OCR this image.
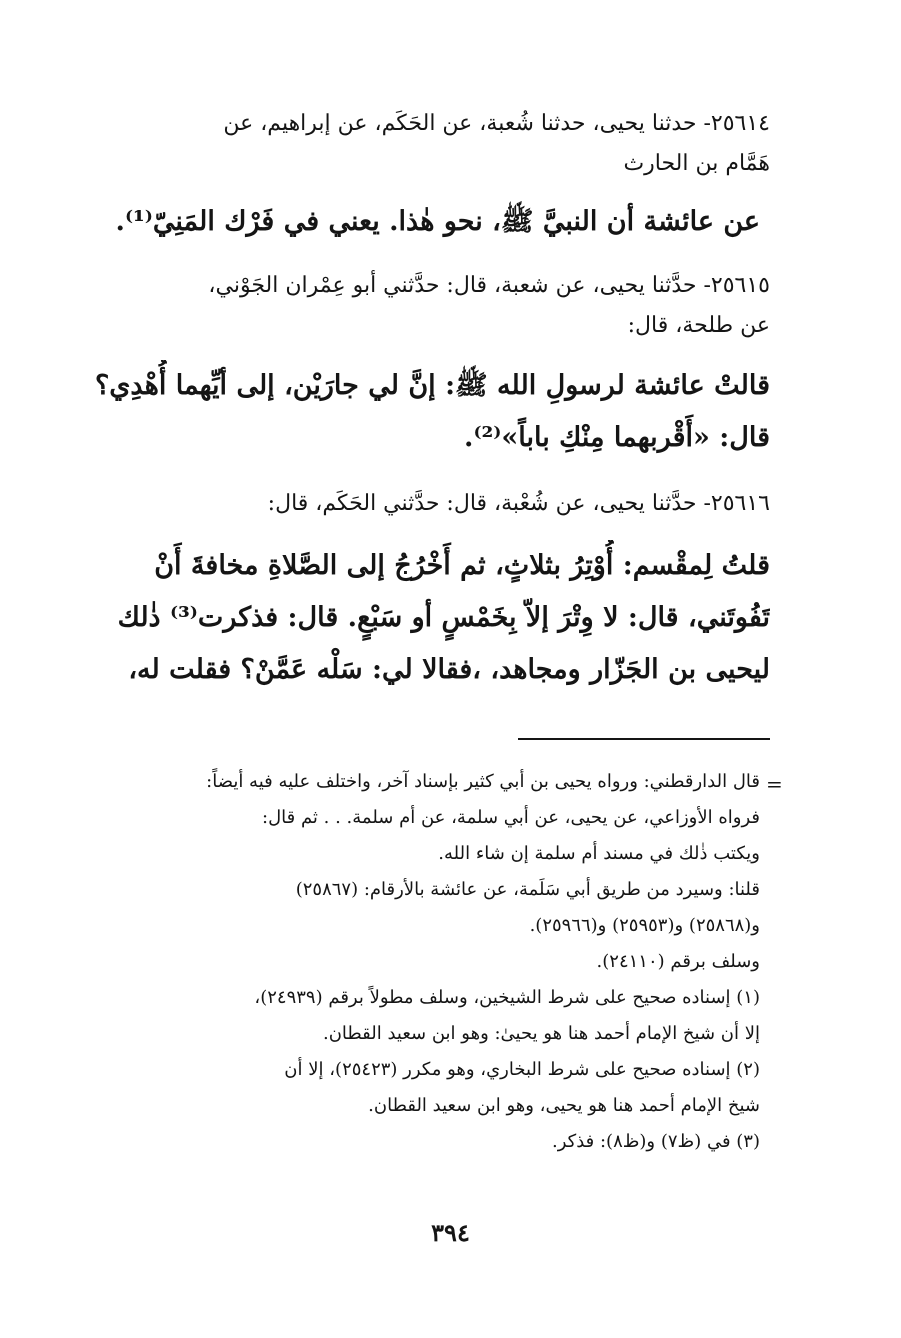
٢٥٦١٤- حدثنا يحيى، حدثنا شُعبة، عن الحَكَم، عن إبراهيم، عن
هَمَّام بن الحارث
عن عائشة أن النبيَّ ﷺ، نحو هٰذا. يعني في فَرْك المَنِيّ⁽¹⁾.
٢٥٦١٥- حدَّثنا يحيى، عن شعبة، قال: حدَّثني أبو عِمْران الجَوْني،
عن طلحة، قال:
قالتْ عائشة لرسولِ الله ﷺ: إنَّ لي جارَيْن، إلى أيِّهما أُهْدِي؟
قال: «أَقْربهما مِنْكِ باباً»⁽²⁾.
٢٥٦١٦- حدَّثنا يحيى، عن شُعْبة، قال: حدَّثني الحَكَم، قال:
قلتُ لِمقْسم: أُوْتِرُ بثلاثٍ، ثم أَخْرُجُ إلى الصَّلاةِ مخافةَ أَنْ
تَفُوتَني، قال: لا وِتْرَ إلاّ بِخَمْسٍ أو سَبْعٍ. قال: فذكرت⁽³⁾ ذٰلك
ليحيى بن الجَزّار ومجاهد، ،فقالا لي: سَلْه عَمَّنْ؟ فقلت له،
=
قال الدارقطني: ورواه يحيى بن أبي كثير بإسناد آخر، واختلف عليه فيه أيضاً:
فرواه الأوزاعي، عن يحيى، عن أبي سلمة، عن أم سلمة. . . ثم قال:
ويكتب ذٰلك في مسند أم سلمة إن شاء الله.
قلنا: وسيرد من طريق أبي سَلَمة، عن عائشة بالأرقام: (٢٥٨٦٧)
و(٢٥٨٦٨) و(٢٥٩٥٣) و(٢٥٩٦٦).
وسلف برقم (٢٤١١٠).
(١) إسناده صحيح على شرط الشيخين، وسلف مطولاً برقم (٢٤٩٣٩)،
إلا أن شيخ الإمام أحمد هنا هو يحيىٰ: وهو ابن سعيد القطان.
(٢) إسناده صحيح على شرط البخاري، وهو مكرر (٢٥٤٢٣)، إلا أن
شيخ الإمام أحمد هنا هو يحيى، وهو ابن سعيد القطان.
(٣) في (ظ٧) و(ظ٨): فذكر.
٣٩٤
